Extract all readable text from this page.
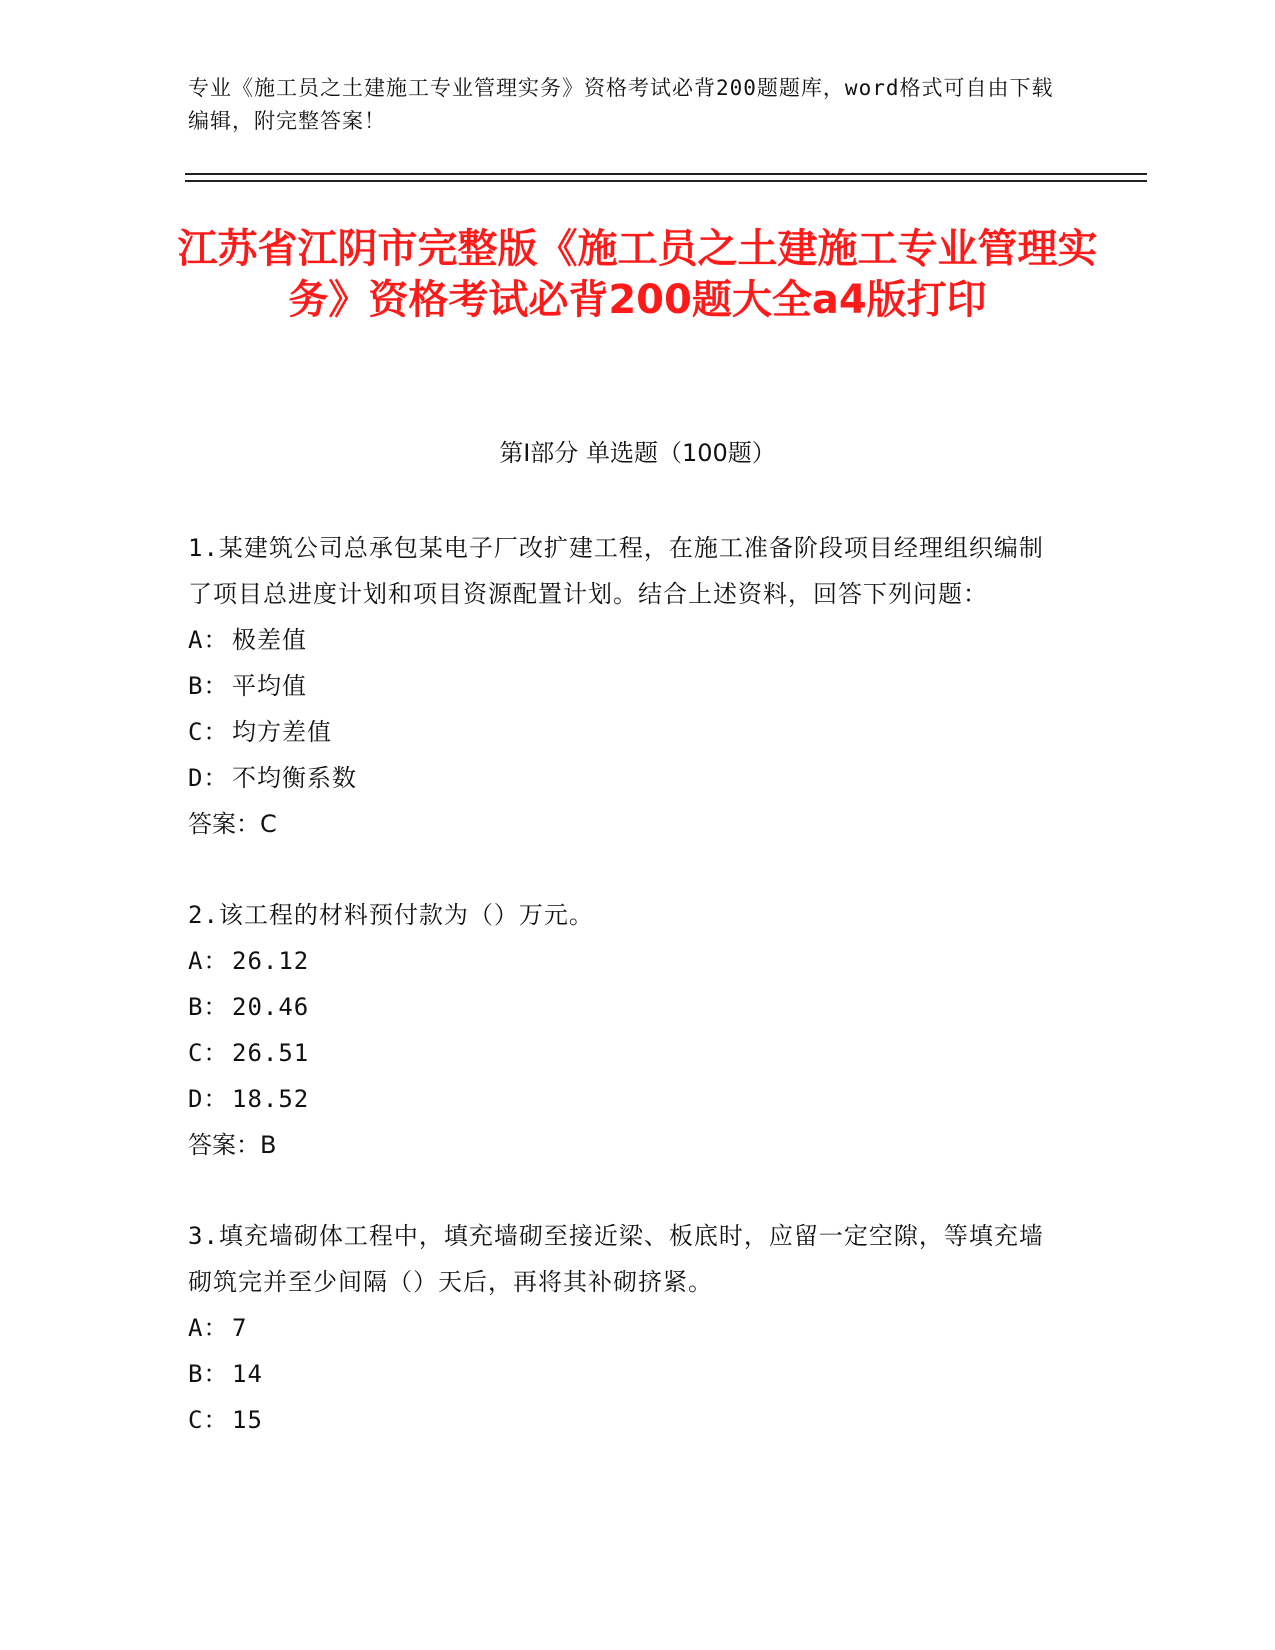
专业《施工员之土建施工专业管理实务》资格考试必背200题题库，word格式可自由下载编辑，附完整答案！
江苏省江阴市完整版《施工员之土建施工专业管理实务》资格考试必背200题大全a4版打印
第Ⅰ部分 单选题（100题）
1.某建筑公司总承包某电子厂改扩建工程，在施工准备阶段项目经理组织编制了项目总进度计划和项目资源配置计划。结合上述资料，回答下列问题：
A： 极差值
B： 平均值
C： 均方差值
D： 不均衡系数
答案：C
2.该工程的材料预付款为（）万元。
A： 26.12
B： 20.46
C： 26.51
D： 18.52
答案：B
3.填充墙砌体工程中，填充墙砌至接近梁、板底时，应留一定空隙，等填充墙砌筑完并至少间隔（）天后，再将其补砌挤紧。
A： 7
B： 14
C： 15
